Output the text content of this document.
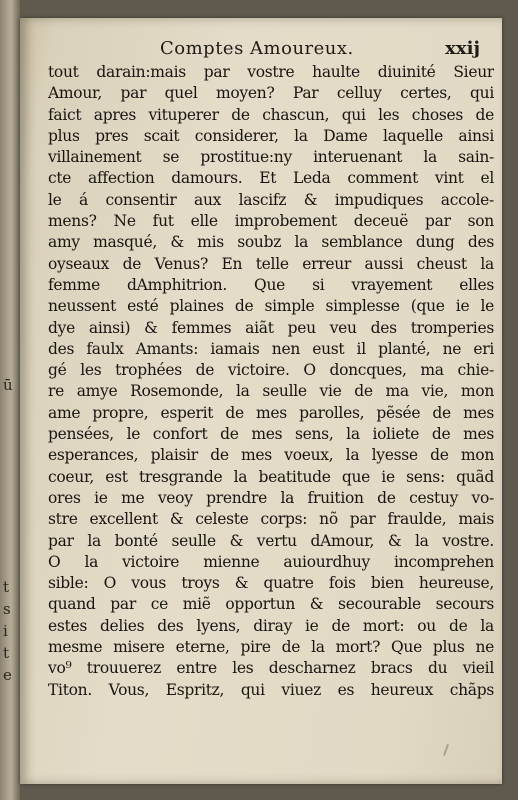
ū
t
s
i
t
e
Comptes Amoureux.	xxij
tout darain:mais par vostre haulte diuinité Sieur
Amour, par quel moyen? Par celluy certes, qui
faict apres vituperer de chascun, qui les choses de
plus pres scait considerer, la Dame laquelle ainsi
villainement se prostitue:ny interuenant la sain-
cte affection damours. Et Leda comment vint el
le á consentir aux lascifz & impudiques accole-
mens? Ne fut elle improbement deceuë par son
amy masqué, & mis soubz la semblance dung des
oyseaux de Venus? En telle erreur aussi cheust la
femme dAmphitrion. Que si vrayement elles
neussent esté plaines de simple simplesse (que ie le
dye ainsi) & femmes aiãt peu veu des tromperies
des faulx Amants: iamais nen eust il planté, ne eri
gé les trophées de victoire. O doncques, ma chie-
re amye Rosemonde, la seulle vie de ma vie, mon
ame propre, esperit de mes parolles, pẽsée de mes
pensées, le confort de mes sens, la ioliete de mes
esperances, plaisir de mes voeux, la lyesse de mon
coeur, est tresgrande la beatitude que ie sens: quãd
ores ie me veoy prendre la fruition de cestuy vo-
stre excellent & celeste corps: nõ par fraulde, mais
par la bonté seulle & vertu dAmour, & la vostre.
O la victoire mienne auiourdhuy incomprehen
sible: O vous troys & quatre fois bien heureuse,
quand par ce miẽ opportun & secourable secours
estes delies des lyens, diray ie de mort: ou de la
mesme misere eterne, pire de la mort? Que plus ne
vo⁹ trouuerez entre les descharnez bracs du vieil
Titon. Vous, Espritz, qui viuez es heureux chãps
